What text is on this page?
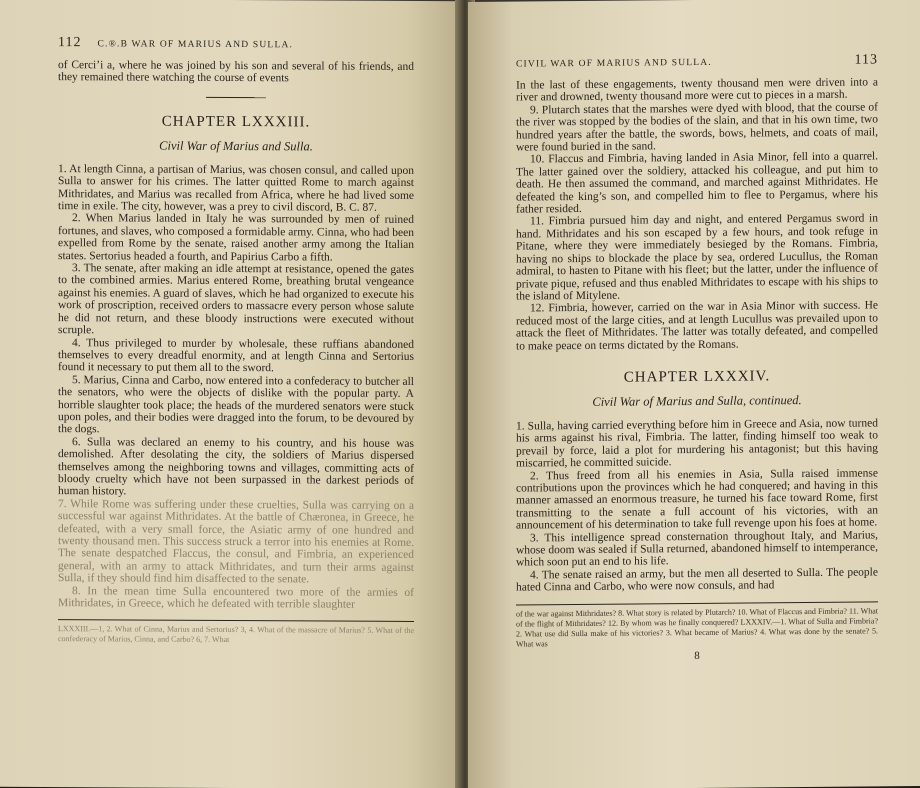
112 C.®.B WAR OF MARIUS AND SULLA.

of Cerci’i a, where he was joined by his son and several of his friends, and they remained there watching the course of events

CHAPTER LXXXIII.
Civil War of Marius and Sulla.

1. At length Cinna, a partisan of Marius, was chosen consul, and called upon Sulla to answer for his crimes. The latter quitted Rome to march against Mithridates, and Marius was recalled from Africa, where he had lived some time in exile. The city, however, was a prey to civil discord, B. C. 87.

2. When Marius landed in Italy he was surrounded by men of ruined fortunes, and slaves, who composed a formidable army. Cinna, who had been expelled from Rome by the senate, raised another army among the Italian states. Sertorius headed a fourth, and Papirius Carbo a fifth.

3. The senate, after making an idle attempt at resistance, opened the gates to the combined armies. Marius entered Rome, breathing brutal vengeance against his enemies. A guard of slaves, which he had organized to execute his work of proscription, received orders to massacre every person whose salute he did not return, and these bloody instructions were executed without scruple.

4. Thus privileged to murder by wholesale, these ruffians abandoned themselves to every dreadful enormity, and at length Cinna and Sertorius found it necessary to put them all to the sword.

5. Marius, Cinna and Carbo, now entered into a confederacy to butcher all the senators, who were the objects of dislike with the popular party. A horrible slaughter took place; the heads of the murdered senators were stuck upon poles, and their bodies were dragged into the forum, to be devoured by the dogs.

6. Sulla was declared an enemy to his country, and his house was demolished. After desolating the city, the soldiers of Marius dispersed themselves among the neighboring towns and villages, committing acts of bloody cruelty which have not been surpassed in the darkest periods of human history.

7. While Rome was suffering under these cruelties, Sulla was carrying on a successful war against Mithridates. At the battle of Chæronea, in Greece, he defeated, with a very small force, the Asiatic army of one hundred and twenty thousand men. This success struck a terror into his enemies at Rome. The senate despatched Flaccus, the consul, and Fimbria, an experienced general, with an army to attack Mithridates, and turn their arms against Sulla, if they should find him disaffected to the senate.

8. In the mean time Sulla encountered two more of the armies of Mithridates, in Greece, which he defeated with terrible slaughter

LXXXIII.—1, 2. What of Cinna, Marius and Sertorius? 3, 4. What of the massacre of Marius? 5. What of the confederacy of Marius, Cinna, and Carbo? 6, 7. What
CIVIL WAR OF MARIUS AND SULLA.	113

In the last of these engagements, twenty thousand men were driven into a river and drowned, twenty thousand more were cut to pieces in a marsh.

9. Plutarch states that the marshes were dyed with blood, that the course of the river was stopped by the bodies of the slain, and that in his own time, two hundred years after the battle, the swords, bows, helmets, and coats of mail, were found buried in the sand.

10. Flaccus and Fimbria, having landed in Asia Minor, fell into a quarrel. The latter gained over the soldiery, attacked his colleague, and put him to death. He then assumed the command, and marched against Mithridates. He defeated the king’s son, and compelled him to flee to Pergamus, where his father resided.

11. Fimbria pursued him day and night, and entered Pergamus sword in hand. Mithridates and his son escaped by a few hours, and took refuge in Pitane, where they were immediately besieged by the Romans. Fimbria, having no ships to blockade the place by sea, ordered Lucullus, the Roman admiral, to hasten to Pitane with his fleet; but the latter, under the influence of private pique, refused and thus enabled Mithridates to escape with his ships to the island of Mitylene.

12. Fimbria, however, carried on the war in Asia Minor with success. He reduced most of the large cities, and at length Lucullus was prevailed upon to attack the fleet of Mithridates. The latter was totally defeated, and compelled to make peace on terms dictated by the Romans.

CHAPTER LXXXIV.
Civil War of Marius and Sulla, continued.

1. Sulla, having carried everything before him in Greece and Asia, now turned his arms against his rival, Fimbria. The latter, finding himself too weak to prevail by force, laid a plot for murdering his antagonist; but this having miscarried, he committed suicide.

2. Thus freed from all his enemies in Asia, Sulla raised immense contributions upon the provinces which he had conquered; and having in this manner amassed an enormous treasure, he turned his face toward Rome, first transmitting to the senate a full account of his victories, with an announcement of his determination to take full revenge upon his foes at home.

3. This intelligence spread consternation throughout Italy, and Marius, whose doom was sealed if Sulla returned, abandoned himself to intemperance, which soon put an end to his life.

4. The senate raised an army, but the men all deserted to Sulla. The people hated Cinna and Carbo, who were now consuls, and had

of the war against Mithridates? 8. What story is related by Plutarch? 10. What of Flaccus and Fimbria? 11. What of the flight of Mithridates? 12. By whom was he finally conquered? LXXXIV.—1. What of Sulla and Fimbria? 2. What use did Sulla make of his victories? 3. What became of Marius? 4. What was done by the senate? 5. What was
8
